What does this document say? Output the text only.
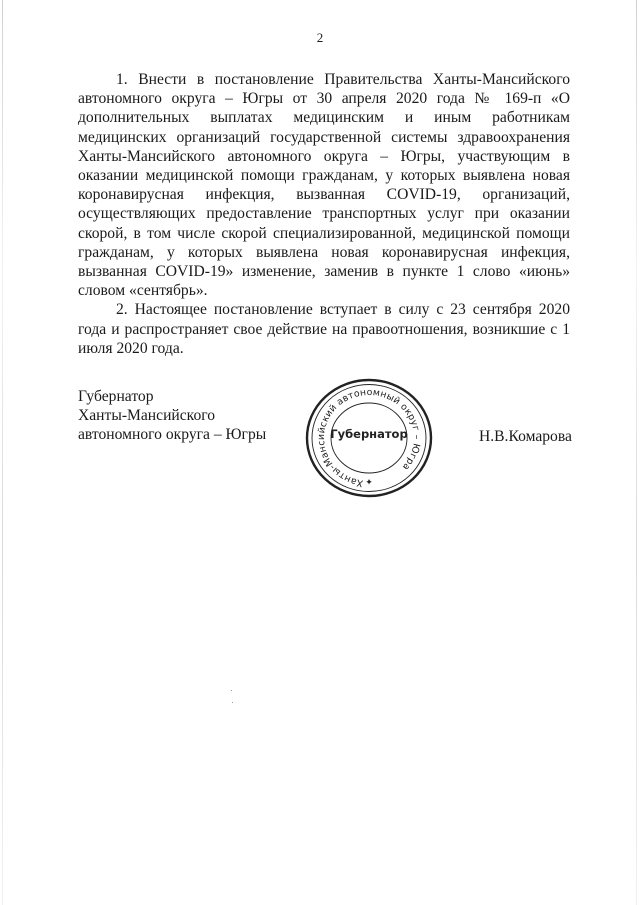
2

1. Внести в постановление Правительства Ханты-Мансийского автономного округа – Югры от 30 апреля 2020 года № 169-п «О дополнительных выплатах медицинским и иным работникам медицинских организаций государственной системы здравоохранения Ханты-Мансийского автономного округа – Югры, участвующим в оказании медицинской помощи гражданам, у которых выявлена новая коронавирусная инфекция, вызванная COVID-19, организаций, осуществляющих предоставление транспортных услуг при оказании скорой, в том числе скорой специализированной, медицинской помощи гражданам, у которых выявлена новая коронавирусная инфекция, вызванная COVID-19» изменение, заменив в пункте 1 слово «июнь» словом «сентябрь».

2. Настоящее постановление вступает в силу с 23 сентября 2020 года и распространяет свое действие на правоотношения, возникшие с 1 июля 2020 года.

Губернатор
Ханты-Мансийского
автономного округа – Югры
Ханты-Мансийский автономный округ – Югра
✦
Губернатор	Н.В.Комарова
